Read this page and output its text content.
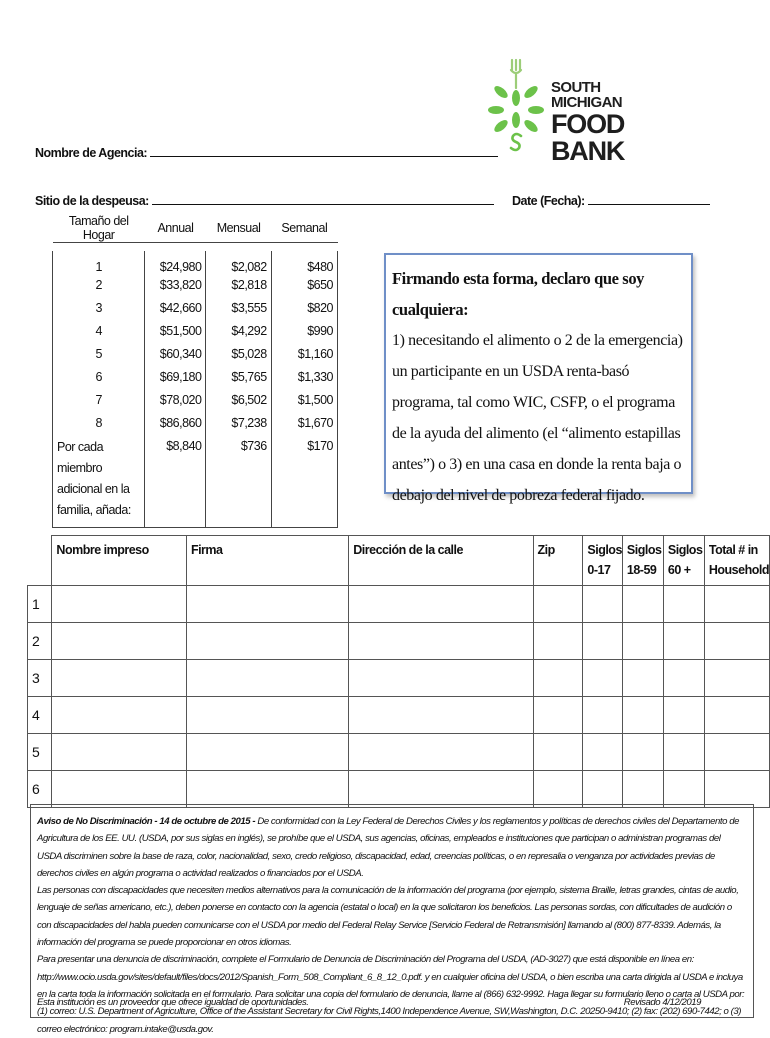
SOUTH MICHIGAN
FOOD BANK
Nombre de Agencia:
Sitio de la despeusa:	Date (Fecha):
Tamaño del Hogar	Annual	Mensual	Semanal

1	$24,980	$2,082	$480
2	$33,820	$2,818	$650
3	$42,660	$3,555	$820
4	$51,500	$4,292	$990
5	$60,340	$5,028	$1,160
6	$69,180	$5,765	$1,330
7	$78,020	$6,502	$1,500
8	$86,860	$7,238	$1,670
Por cada miembro adicional en la familia, añada:	$8,840	$736	$170
Firmando esta forma, declaro que soy cualquiera:
1) necesitando el alimento o 2 de la emergencia) un participante en un USDA renta-basó programa, tal como WIC, CSFP, o el programa de la ayuda del alimento (el “alimento estapillas antes”) o 3) en una casa en donde la renta baja o debajo del nivel de pobreza federal fijado.
	Nombre impreso	Firma	Dirección de la calle	Zip	Siglos 0-17	Siglos 18-59	Siglos 60 +	Total # in Household
1								
2								
3								
4								
5								
6								

Aviso de No Discriminación - 14 de octubre de 2015 - De conformidad con la Ley Federal de Derechos Civiles y los reglamentos y políticas de derechos civiles del Departamento de Agricultura de los EE. UU. (USDA, por sus siglas en inglés), se prohíbe que el USDA, sus agencias, oficinas, empleados e instituciones que participan o administran programas del USDA discriminen sobre la base de raza, color, nacionalidad, sexo, credo religioso, discapacidad, edad, creencias políticas, o en represalia o venganza por actividades previas de derechos civiles en algún programa o actividad realizados o financiados por el USDA.

Las personas con discapacidades que necesiten medios alternativos para la comunicación de la información del programa (por ejemplo, sistema Braille, letras grandes, cintas de audio, lenguaje de señas americano, etc.), deben ponerse en contacto con la agencia (estatal o local) en la que solicitaron los beneficios. Las personas sordas, con dificultades de audición o con discapacidades del habla pueden comunicarse con el USDA por medio del Federal Relay Service [Servicio Federal de Retransmisión] llamando al (800) 877-8339. Además, la información del programa se puede proporcionar en otros idiomas.

Para presentar una denuncia de discriminación, complete el Formulario de Denuncia de Discriminación del Programa del USDA, (AD-3027) que está disponible en línea en:

http://www.ocio.usda.gov/sites/default/files/docs/2012/Spanish_Form_508_Compliant_6_8_12_0.pdf. y en cualquier oficina del USDA, o bien escriba una carta dirigida al USDA e incluya en la carta toda la información solicitada en el formulario. Para solicitar una copia del formulario de denuncia, llame al (866) 632-9992. Haga llegar su formulario lleno o carta al USDA por: (1) correo: U.S. Department of Agriculture, Office of the Assistant Secretary for Civil Rights,1400 Independence Avenue, SW,Washington, D.C. 20250-9410; (2) fax: (202) 690-7442; o (3) correo electrónico: program.intake@usda.gov.

Esta institución es un proveedor que ofrece igualdad de oportunidades.	Revisado 4/12/2019
